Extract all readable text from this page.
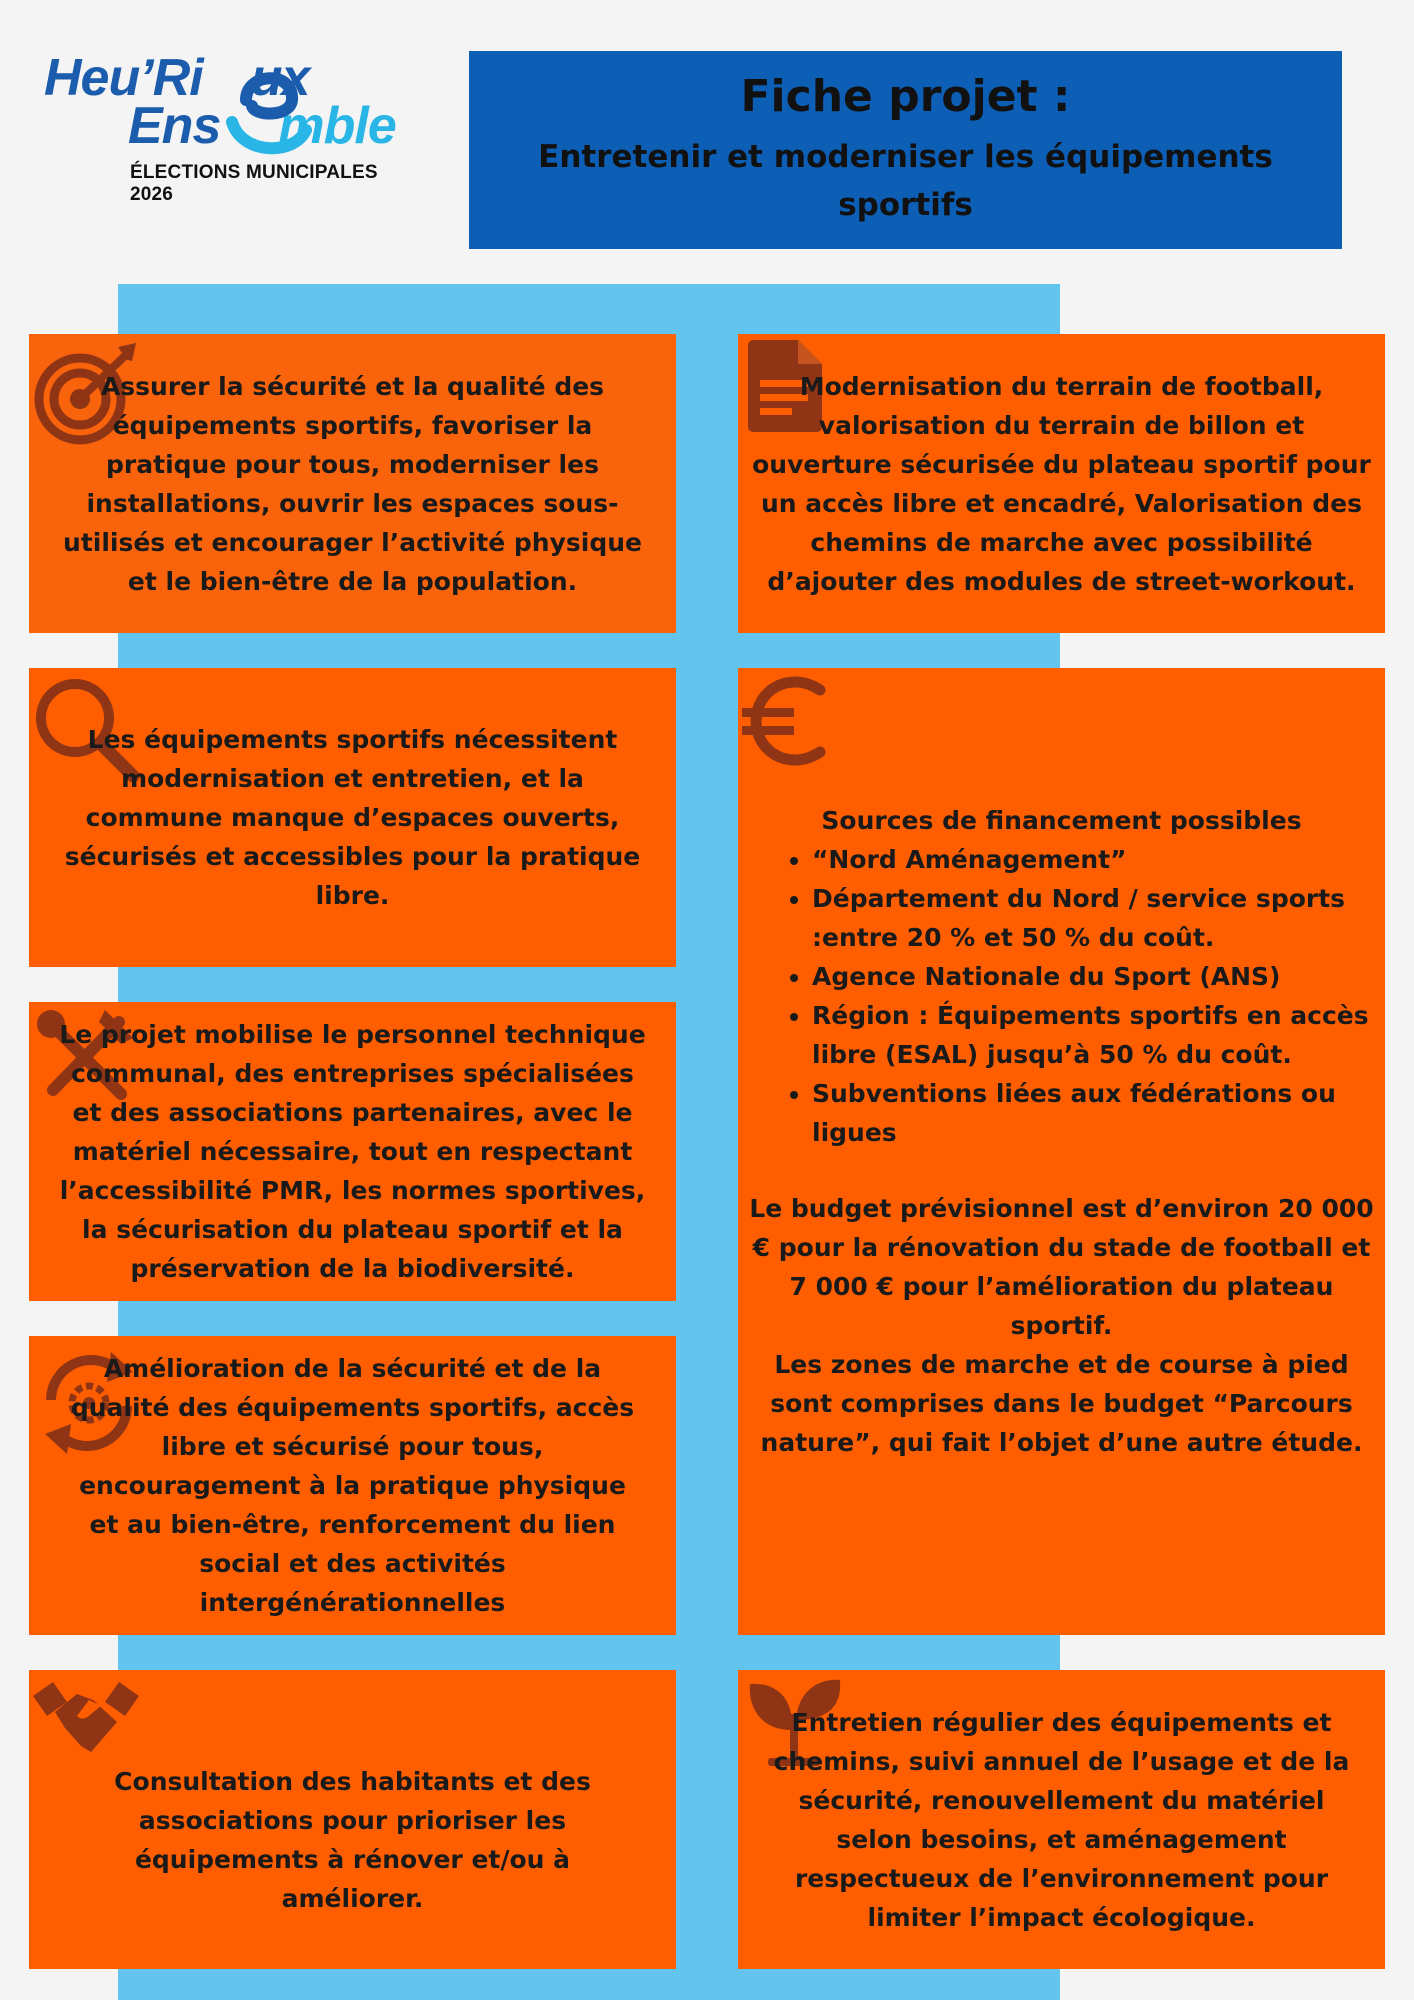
Heu’Ri ux
Ens mble
ÉLECTIONS MUNICIPALES 2026
Fiche projet :
Entretenir et moderniser les équipements sportifs
Assurer la sécurité et la qualité des équipements sportifs, favoriser la pratique pour tous, moderniser les installations, ouvrir les espaces sous-utilisés et encourager l’activité physique et le bien-être de la population.
Modernisation du terrain de football, valorisation du terrain de billon et ouverture sécurisée du plateau sportif pour un accès libre et encadré, Valorisation des chemins de marche avec possibilité d’ajouter des modules de street-workout.
Les équipements sportifs nécessitent modernisation et entretien, et la commune manque d’espaces ouverts, sécurisés et accessibles pour la pratique libre.
Sources de financement possibles
• “Nord Aménagement”
• Département du Nord / service sports :entre 20 % et 50 % du coût.
• Agence Nationale du Sport (ANS)
• Région : Équipements sportifs en accès libre (ESAL) jusqu’à 50 % du coût.
• Subventions liées aux fédérations ou ligues
Le budget prévisionnel est d’environ 20 000 € pour la rénovation du stade de football et 7 000 € pour l’amélioration du plateau sportif.
Les zones de marche et de course à pied sont comprises dans le budget “Parcours nature”, qui fait l’objet d’une autre étude.
Le projet mobilise le personnel technique communal, des entreprises spécialisées et des associations partenaires, avec le matériel nécessaire, tout en respectant l’accessibilité PMR, les normes sportives, la sécurisation du plateau sportif et la préservation de la biodiversité.
Amélioration de la sécurité et de la qualité des équipements sportifs, accès libre et sécurisé pour tous, encouragement à la pratique physique et au bien-être, renforcement du lien social et des activités intergénérationnelles
Consultation des habitants et des associations pour prioriser les équipements à rénover et/ou à améliorer.
Entretien régulier des équipements et chemins, suivi annuel de l’usage et de la sécurité, renouvellement du matériel selon besoins, et aménagement respectueux de l’environnement pour limiter l’impact écologique.
